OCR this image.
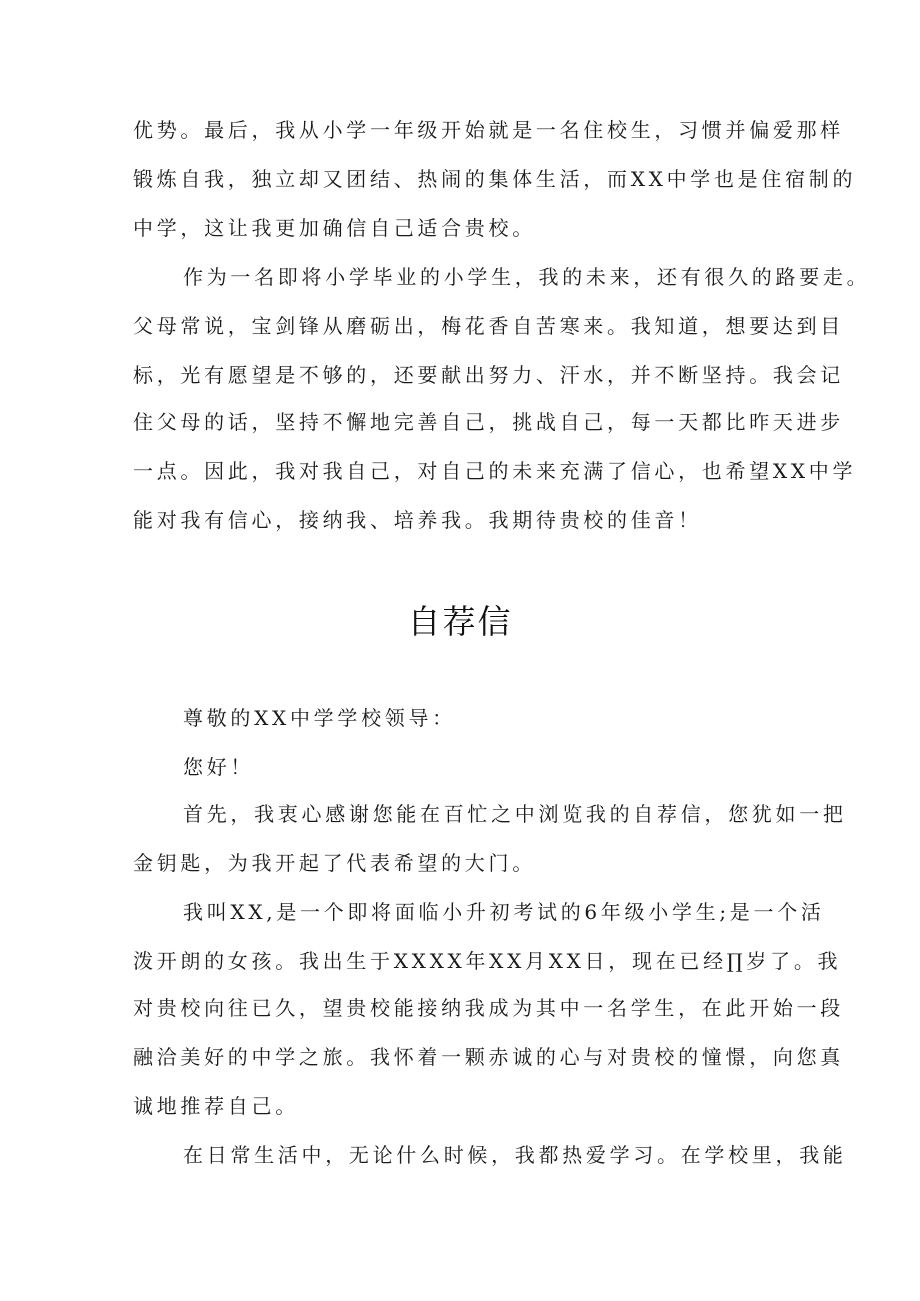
优势。最后，我从小学一年级开始就是一名住校生，习惯并偏爱那样
锻炼自我，独立却又团结、热闹的集体生活，而XX中学也是住宿制的
中学，这让我更加确信自己适合贵校。
作为一名即将小学毕业的小学生，我的未来，还有很久的路要走。
父母常说，宝剑锋从磨砺出，梅花香自苦寒来。我知道，想要达到目
标，光有愿望是不够的，还要献出努力、汗水，并不断坚持。我会记
住父母的话，坚持不懈地完善自己，挑战自己，每一天都比昨天进步
一点。因此，我对我自己，对自己的未来充满了信心，也希望XX中学
能对我有信心，接纳我、培养我。我期待贵校的佳音！
自荐信
尊敬的XX中学学校领导：
您好！
首先，我衷心感谢您能在百忙之中浏览我的自荐信，您犹如一把
金钥匙，为我开起了代表希望的大门。
我叫XX,是一个即将面临小升初考试的6年级小学生;是一个活
泼开朗的女孩。我出生于XXXX年XX月XX日，现在已经∏岁了。我
对贵校向往已久，望贵校能接纳我成为其中一名学生，在此开始一段
融洽美好的中学之旅。我怀着一颗赤诚的心与对贵校的憧憬，向您真
诚地推荐自己。
在日常生活中，无论什么时候，我都热爱学习。在学校里，我能
